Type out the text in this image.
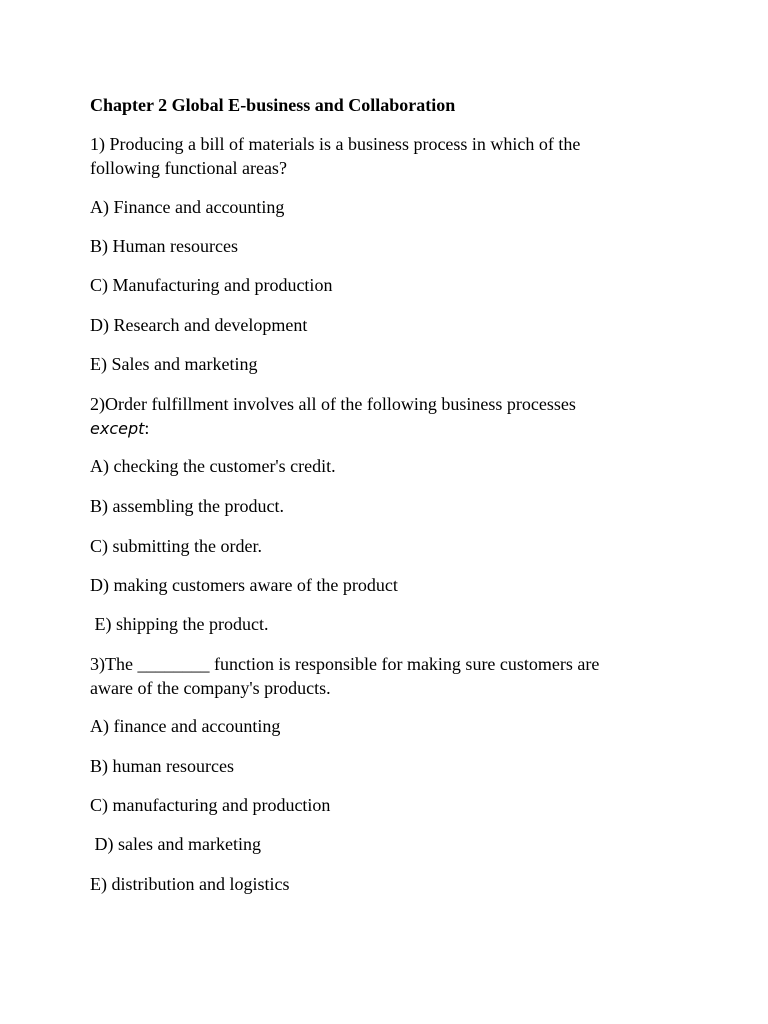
Chapter 2 Global E-business and Collaboration
1) Producing a bill of materials is a business process in which of the
following functional areas?
A) Finance and accounting
B) Human resources
C) Manufacturing and production
D) Research and development
E) Sales and marketing
2)Order fulfillment involves all of the following business processes
except:
A) checking the customer's credit.
B) assembling the product.
C) submitting the order.
D) making customers aware of the product
E) shipping the product.
3)The ________ function is responsible for making sure customers are
aware of the company's products.
A) finance and accounting
B) human resources
C) manufacturing and production
D) sales and marketing
E) distribution and logistics
